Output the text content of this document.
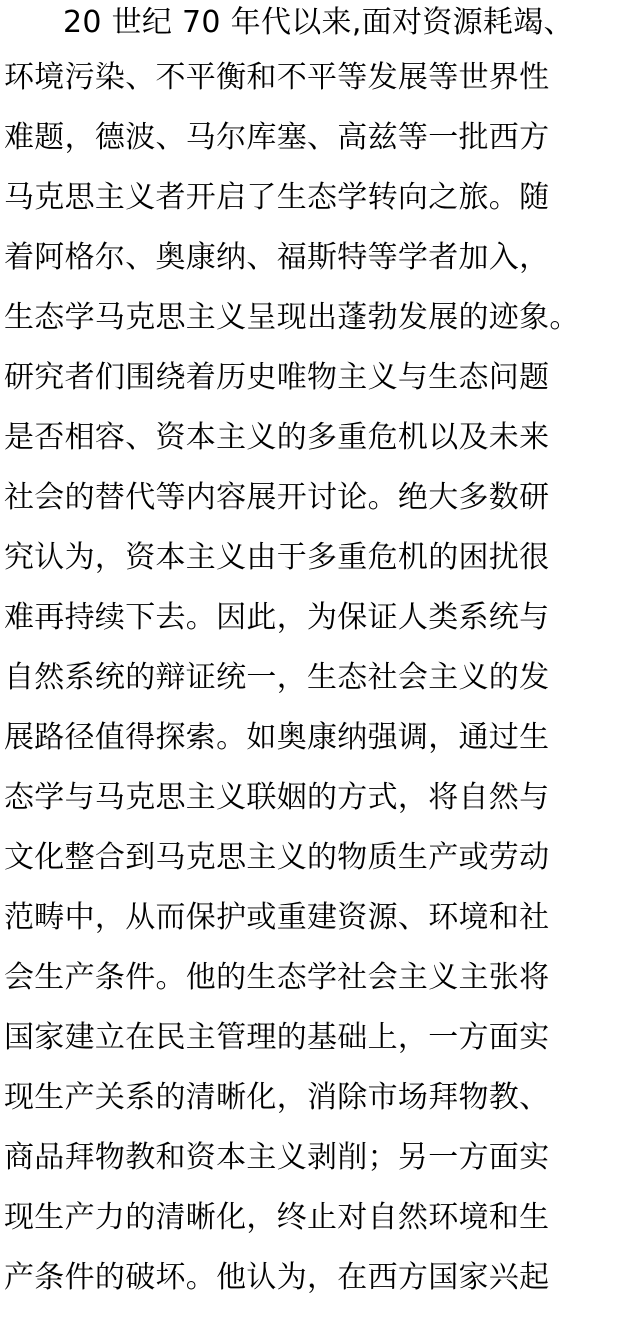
20 世纪 70 年代以来,面对资源耗竭、
环境污染、不平衡和不平等发展等世界性
难题，德波、马尔库塞、高兹等一批西方
马克思主义者开启了生态学转向之旅。随
着阿格尔、奥康纳、福斯特等学者加入，
生态学马克思主义呈现出蓬勃发展的迹象。
研究者们围绕着历史唯物主义与生态问题
是否相容、资本主义的多重危机以及未来
社会的替代等内容展开讨论。绝大多数研
究认为，资本主义由于多重危机的困扰很
难再持续下去。因此，为保证人类系统与
自然系统的辩证统一，生态社会主义的发
展路径值得探索。如奥康纳强调，通过生
态学与马克思主义联姻的方式，将自然与
文化整合到马克思主义的物质生产或劳动
范畴中，从而保护或重建资源、环境和社
会生产条件。他的生态学社会主义主张将
国家建立在民主管理的基础上，一方面实
现生产关系的清晰化，消除市场拜物教、
商品拜物教和资本主义剥削；另一方面实
现生产力的清晰化，终止对自然环境和生
产条件的破坏。他认为，在西方国家兴起
